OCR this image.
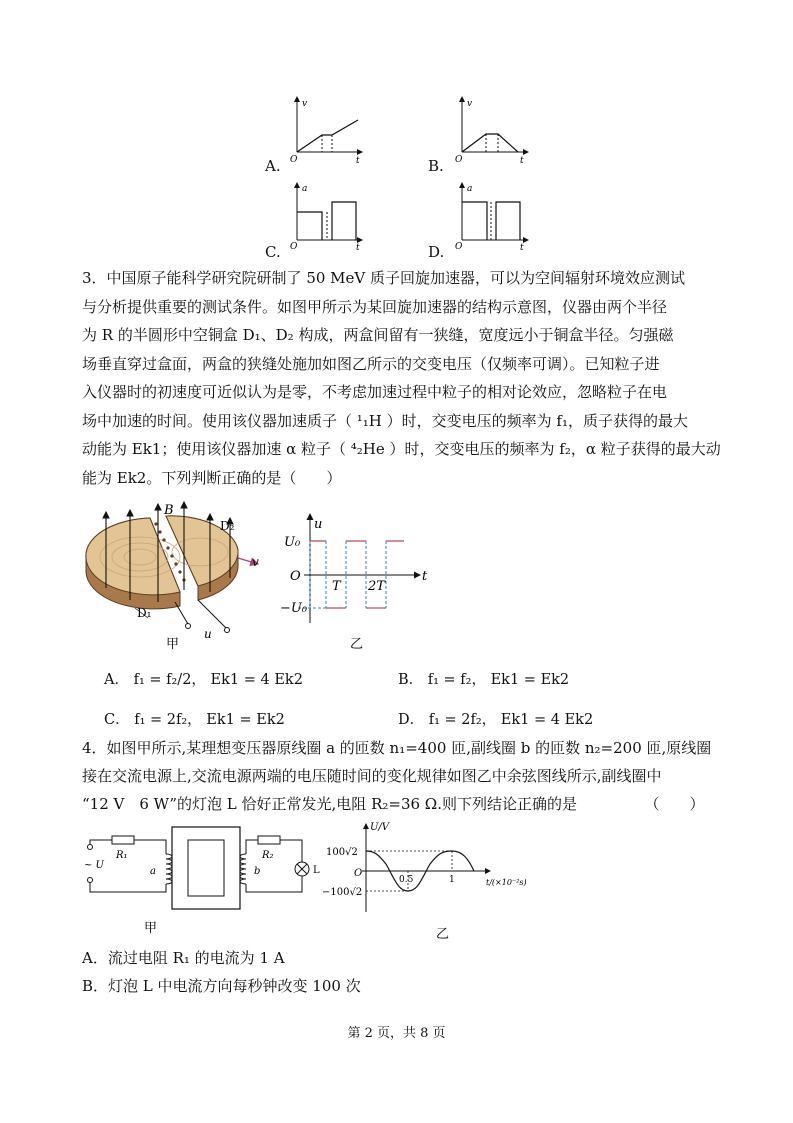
v
t
O
v
t
O
a
t
O
a
t
O
A.	B.
C.	D.
3．中国原子能科学研究院研制了 50 MeV 质子回旋加速器，可以为空间辐射环境效应测试
与分析提供重要的测试条件。如图甲所示为某回旋加速器的结构示意图，仪器由两个半径
为 R 的半圆形中空铜盒 D₁、D₂ 构成，两盒间留有一狭缝，宽度远小于铜盒半径。匀强磁
场垂直穿过盒面，两盒的狭缝处施加如图乙所示的交变电压（仅频率可调）。已知粒子进
入仪器时的初速度可近似认为是零，不考虑加速过程中粒子的相对论效应，忽略粒子在电
场中加速的时间。使用该仪器加速质子（ ¹₁H ）时，交变电压的频率为 f₁，质子获得的最大
动能为 Ek1；使用该仪器加速 α 粒子（ ⁴₂He ）时，交变电压的频率为 f₂，α 粒子获得的最大动
能为 Ek2。下列判断正确的是（　　）
B
D₂
v
D₁
u
甲
u
U₀
O
T 2T
t
−U₀
乙
A． f₁ = f₂/2， Ek1 = 4 Ek2	B． f₁ = f₂， Ek1 = Ek2
C． f₁ = 2f₂， Ek1 = Ek2	D． f₁ = 2f₂， Ek1 = 4 Ek2
4．如图甲所示,某理想变压器原线圈 a 的匝数 n₁=400 匝,副线圈 b 的匝数 n₂=200 匝,原线圈
接在交流电源上,交流电源两端的电压随时间的变化规律如图乙中余弦图线所示,副线圈中
“12 V　6 W”的灯泡 L 恰好正常发光,电阻 R₂=36 Ω.则下列结论正确的是　　　　　（　　）
R₁	R₂
~ U
a	b	L
甲
U/V
100√2
O
0.5	1	t/(×10⁻²s)
−100√2
乙
A．流过电阻 R₁ 的电流为 1 A
B．灯泡 L 中电流方向每秒钟改变 100 次
第 2 页，共 8 页
